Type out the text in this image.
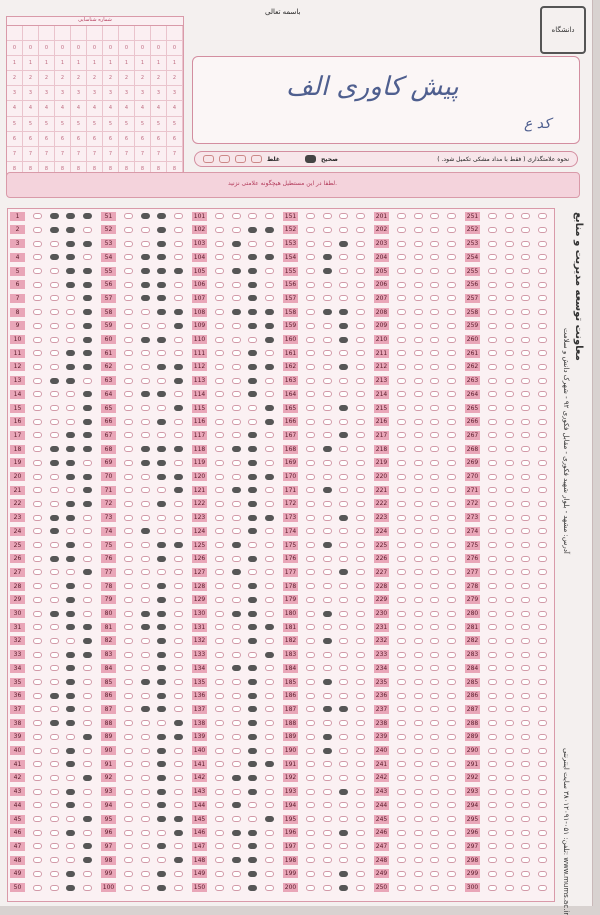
باسمه تعالی
دانشگاه
شماره شناسایی
0	0	0	0	0	0	0	0	0	0	0
1	1	1	1	1	1	1	1	1	1	1
2	2	2	2	2	2	2	2	2	2	2
3	3	3	3	3	3	3	3	3	3	3
4	4	4	4	4	4	4	4	4	4	4
5	5	5	5	5	5	5	5	5	5	5
6	6	6	6	6	6	6	6	6	6	6
7	7	7	7	7	7	7	7	7	7	7
8	8	8	8	8	8	8	8	8	8	8
پیش کاوری الف
کد ع
غلط	صحیح	نحوه علامتگذاری ( فقط با مداد مشکی تکمیل شود. )
لطفا در این مستطیل هیچگونه علامتی نزنید.
1
2
3
4
5
6
7
8
9
10
11
12
13
14
15
16
17
18
19
20
21
22
23
24
25
26
27
28
29
30
31
32
33
34
35
36
37
38
39
40
41
42
43
44
45
46
47
48
49
50
51
52
53
54
55
56
57
58
59
60
61
62
63
64
65
66
67
68
69
70
71
72
73
74
75
76
77
78
79
80
81
82
83
84
85
86
87
88
89
90
91
92
93
94
95
96
97
98
99
100
101
102
103
104
105
106
107
108
109
110
111
112
113
114
115
116
117
118
119
120
121
122
123
124
125
126
127
128
129
130
131
132
133
134
135
136
137
138
139
140
141
142
143
144
145
146
147
148
149
150
151
152
153
154
155
156
157
158
159
160
161
162
163
164
165
166
167
168
169
170
171
172
173
174
175
176
177
178
179
180
181
182
183
184
185
186
187
188
189
190
191
192
193
194
195
196
197
198
199
200
201
202
203
204
205
206
207
208
209
210
211
212
213
214
215
216
217
218
219
220
221
222
223
224
225
226
227
228
229
230
231
232
233
234
235
236
237
238
239
240
241
242
243
244
245
246
247
248
249
250
251
252
253
254
255
256
257
258
259
260
261
262
263
264
265
266
267
268
269
270
271
272
273
274
275
276
277
278
279
280
281
282
283
284
285
286
287
288
289
290
291
292
293
294
295
296
297
298
299
300
معاونت توسعه مدیریت و منابع
آدرس: مشهد - بلوار شهید فکوری - مقابل فکوری ۹۲ - شهرک دانش و سلامت
تلفن: ۰۵۱-۳۸۰۱۲۰۹۱ سایت اینترنتی: www.mums.ac.ir
